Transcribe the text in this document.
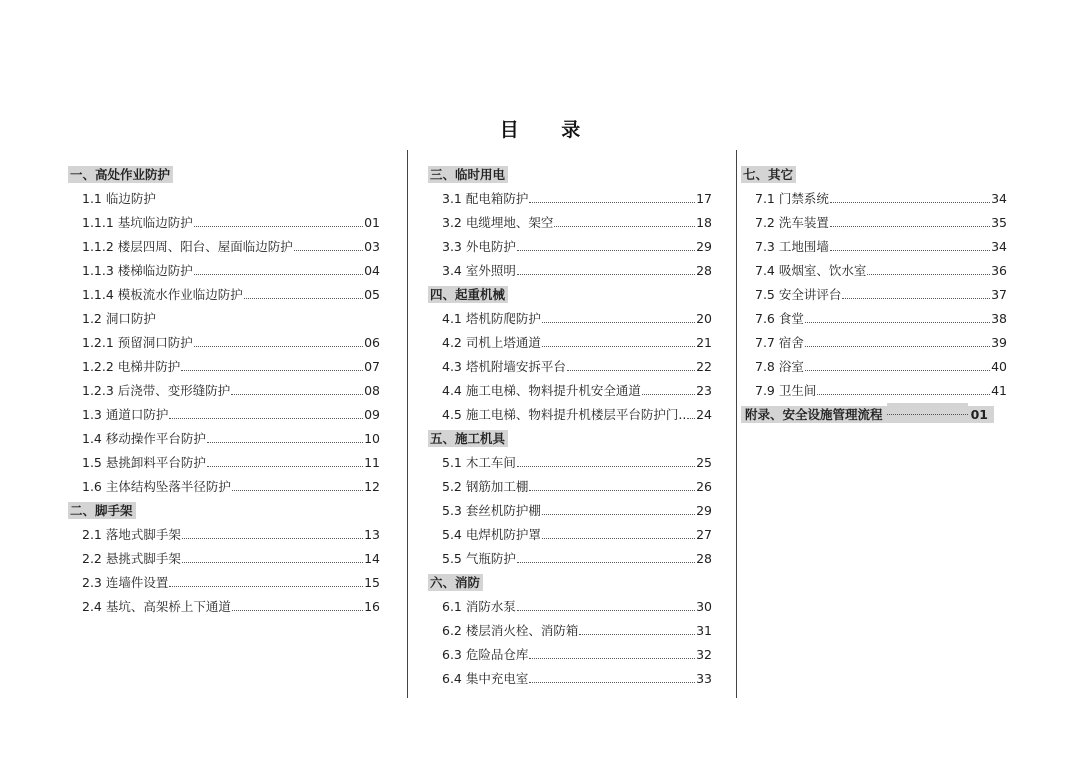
目 录
一、高处作业防护
1.1 临边防护
1.1.1 基坑临边防护	01
1.1.2 楼层四周、阳台、屋面临边防护	03
1.1.3 楼梯临边防护	04
1.1.4 模板流水作业临边防护	05
1.2 洞口防护
1.2.1 预留洞口防护	06
1.2.2 电梯井防护	07
1.2.3 后浇带、变形缝防护	08
1.3 通道口防护	09
1.4 移动操作平台防护	10
1.5 悬挑卸料平台防护	11
1.6 主体结构坠落半径防护	12
二、脚手架
2.1 落地式脚手架	13
2.2 悬挑式脚手架	14
2.3 连墙件设置	15
2.4 基坑、高架桥上下通道	16
三、临时用电
3.1 配电箱防护	17
3.2 电缆埋地、架空	18
3.3 外电防护	29
3.4 室外照明	28
四、起重机械
4.1 塔机防爬防护	20
4.2 司机上塔通道	21
4.3 塔机附墙安拆平台	22
4.4 施工电梯、物料提升机安全通道	23
4.5 施工电梯、物料提升机楼层平台防护门.. 24
五、施工机具
5.1 木工车间	25
5.2 钢筋加工棚	26
5.3 套丝机防护棚	29
5.4 电焊机防护罩	27
5.5 气瓶防护	28
六、消防
6.1 消防水泵	30
6.2 楼层消火栓、消防箱	31
6.3 危险品仓库	32
6.4 集中充电室	33
七、其它
7.1 门禁系统	34
7.2 洗车装置	35
7.3 工地围墙	34
7.4 吸烟室、饮水室	36
7.5 安全讲评台	37
7.6 食堂	38
7.7 宿舍	39
7.8 浴室	40
7.9 卫生间	41
附录、安全设施管理流程	01
